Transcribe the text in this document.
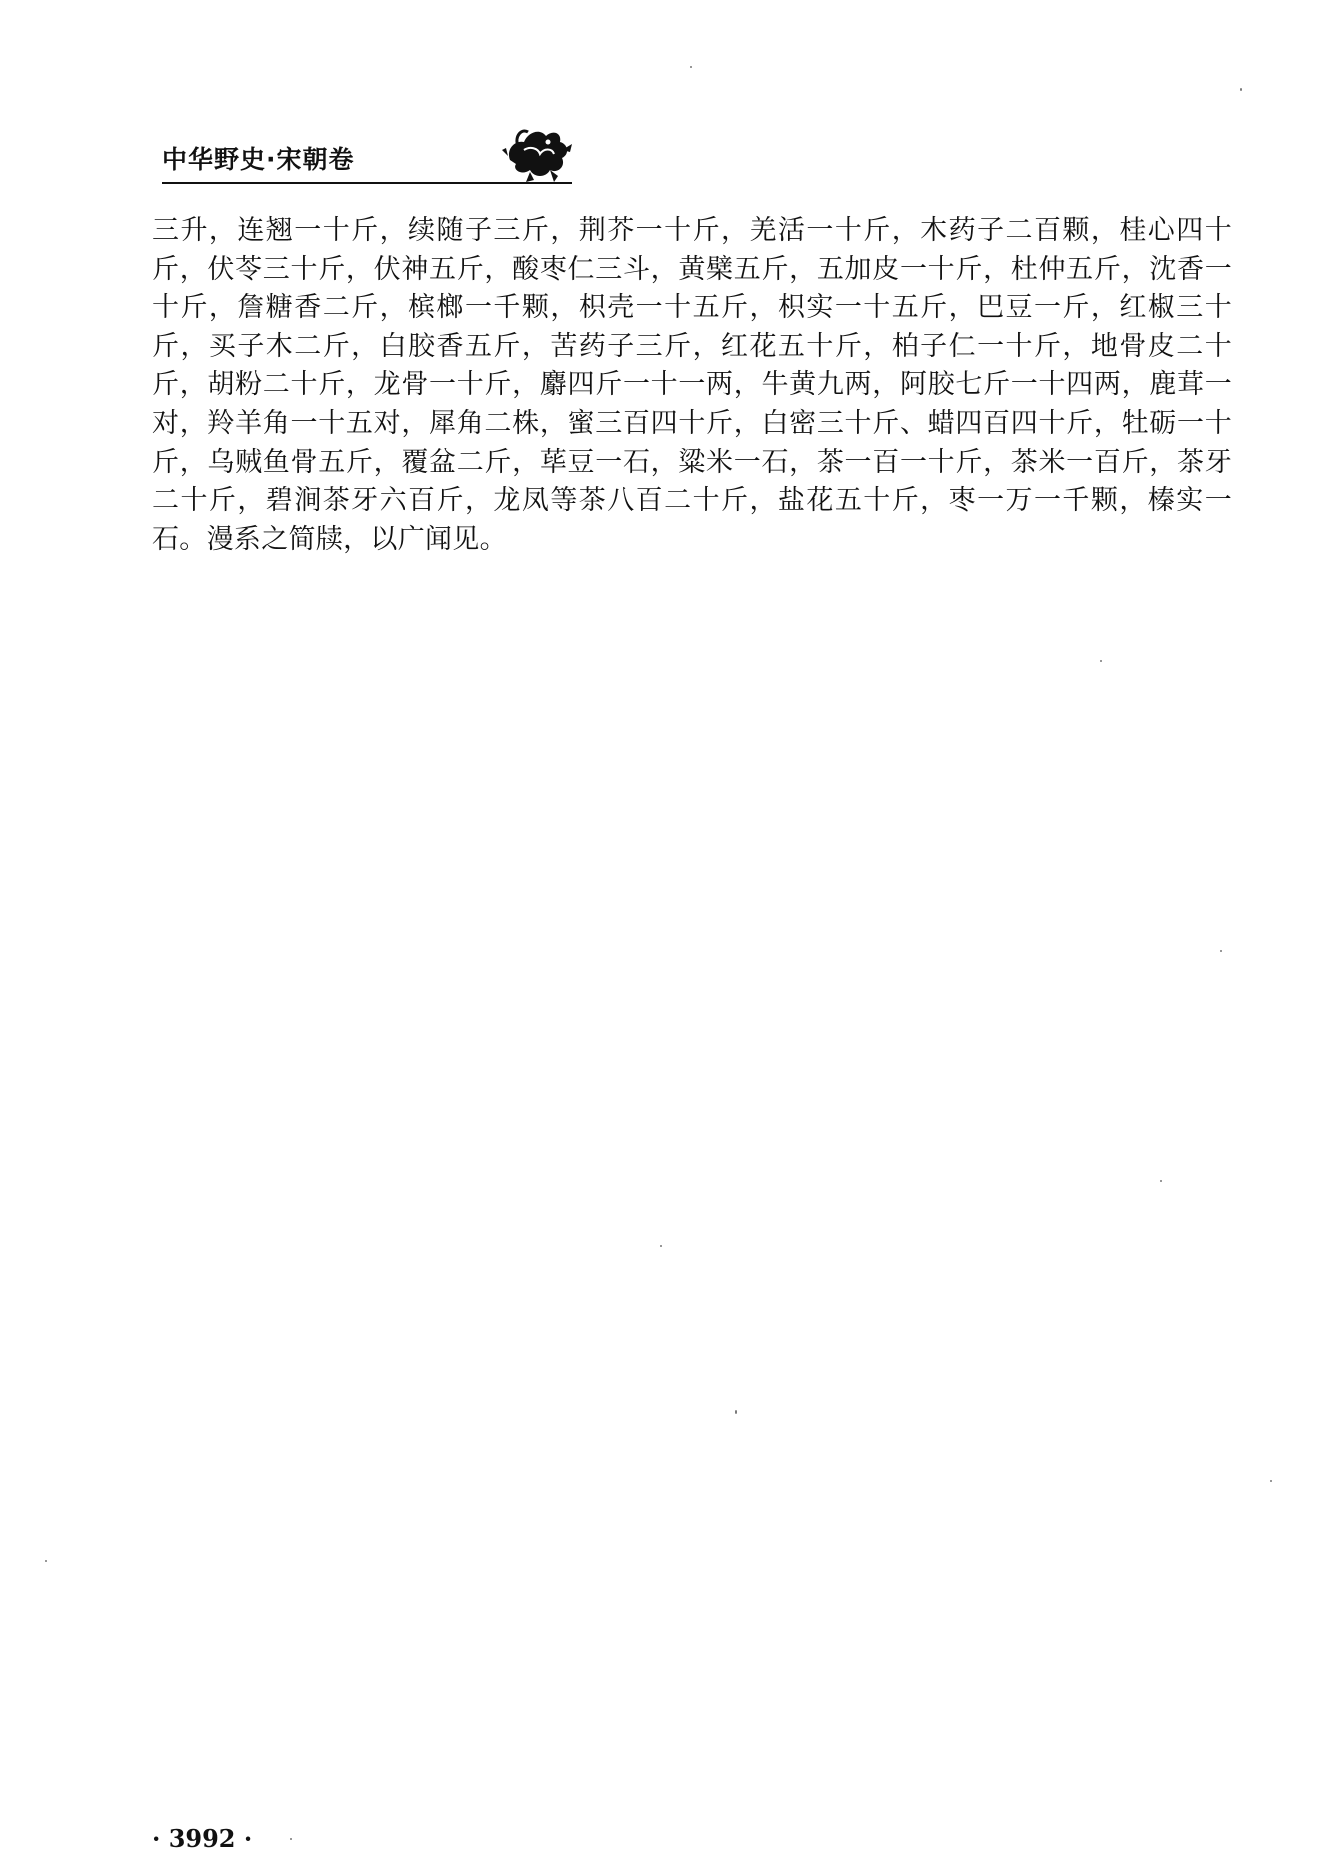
中华野史·宋朝卷

三升，连翘一十斤，续随子三斤，荆芥一十斤，羌活一十斤，木药子二百颗，桂心四十斤，伏苓三十斤，伏神五斤，酸枣仁三斗，黄檗五斤，五加皮一十斤，杜仲五斤，沈香一十斤，詹糖香二斤，槟榔一千颗，枳壳一十五斤，枳实一十五斤，巴豆一斤，红椒三十斤，买子木二斤，白胶香五斤，苦药子三斤，红花五十斤，柏子仁一十斤，地骨皮二十斤，胡粉二十斤，龙骨一十斤，麝四斤一十一两，牛黄九两，阿胶七斤一十四两，鹿茸一对，羚羊角一十五对，犀角二株，蜜三百四十斤，白密三十斤、蜡四百四十斤，牡砺一十斤，乌贼鱼骨五斤，覆盆二斤，荜豆一石，粱米一石，茶一百一十斤，茶米一百斤，茶牙二十斤，碧涧茶牙六百斤，龙凤等茶八百二十斤，盐花五十斤，枣一万一千颗，榛实一石。漫系之简牍，以广闻见。

· 3992 ·
